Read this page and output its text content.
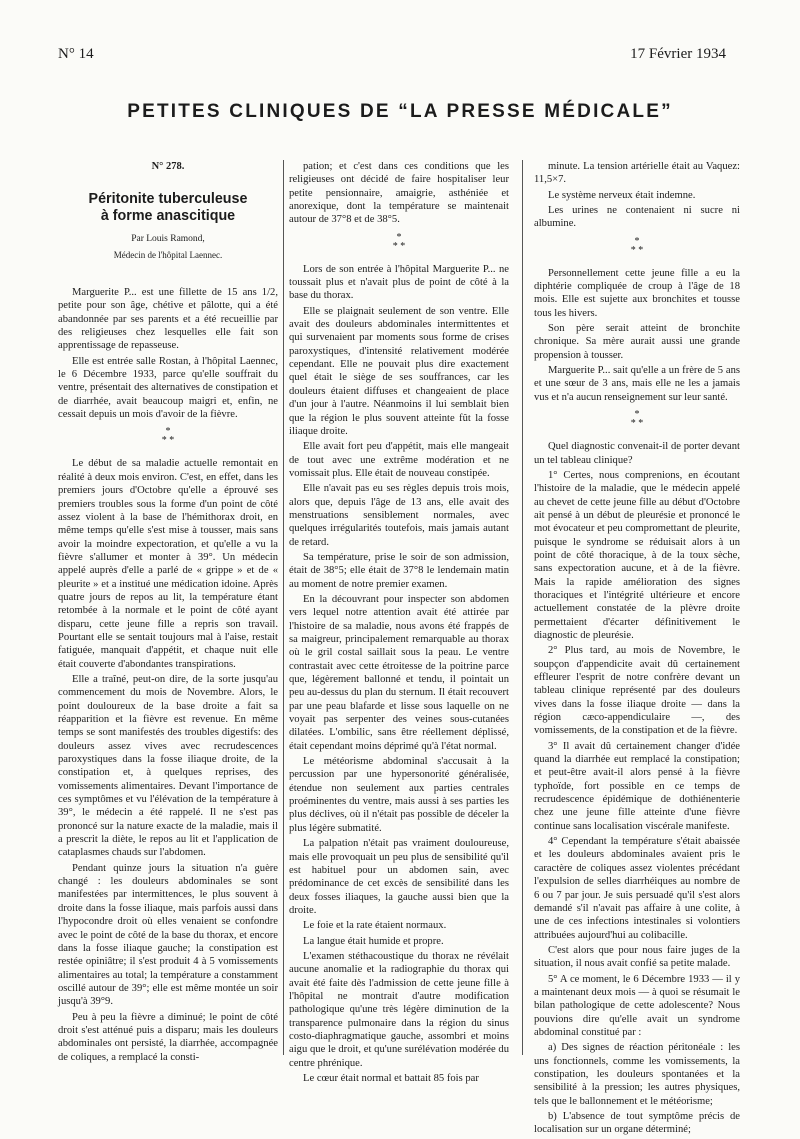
N° 14	17 Février 1934
PETITES CLINIQUES DE “LA PRESSE MÉDICALE”
N° 278.
Péritonite tuberculeuse
à forme anascitique
Par Louis Ramond,
Médecin de l'hôpital Laennec.

Marguerite P... est une fillette de 15 ans 1/2, petite pour son âge, chétive et pâlotte, qui a été abandonnée par ses parents et a été recueillie par des religieuses chez lesquelles elle fait son apprentissage de repasseuse.

Elle est entrée salle Rostan, à l'hôpital Laennec, le 6 Décembre 1933, parce qu'elle souffrait du ventre, présentait des alternatives de constipation et de diarrhée, avait beaucoup maigri et, enfin, ne cessait depuis un mois d'avoir de la fièvre.

*
* *

Le début de sa maladie actuelle remontait en réalité à deux mois environ. C'est, en effet, dans les premiers jours d'Octobre qu'elle a éprouvé ses premiers troubles sous la forme d'un point de côté assez violent à la base de l'hémithorax droit, en même temps qu'elle s'est mise à tousser, mais sans avoir la moindre expectoration, et qu'elle a vu la fièvre s'allumer et monter à 39°. Un médecin appelé auprès d'elle a parlé de « grippe » et de « pleurite » et a institué une médication idoine. Après quatre jours de repos au lit, la température étant retombée à la normale et le point de côté ayant disparu, cette jeune fille a repris son travail. Pourtant elle se sentait toujours mal à l'aise, restait fatiguée, manquait d'appétit, et chaque nuit elle était couverte d'abondantes transpirations.

Elle a traîné, peut-on dire, de la sorte jusqu'au commencement du mois de Novembre. Alors, le point douloureux de la base droite a fait sa réapparition et la fièvre est revenue. En même temps se sont manifestés des troubles digestifs: des douleurs assez vives avec recrudescences paroxystiques dans la fosse iliaque droite, de la constipation et, à quelques reprises, des vomissements alimentaires. Devant l'importance de ces symptômes et vu l'élévation de la température à 39°, le médecin a été rappelé. Il ne s'est pas prononcé sur la nature exacte de la maladie, mais il a prescrit la diète, le repos au lit et l'application de cataplasmes chauds sur l'abdomen.

Pendant quinze jours la situation n'a guère changé : les douleurs abdominales se sont manifestées par intermittences, le plus souvent à droite dans la fosse iliaque, mais parfois aussi dans l'hypocondre droit où elles venaient se confondre avec le point de côté de la base du thorax, et encore dans la fosse iliaque gauche; la constipation est restée opiniâtre; il s'est produit 4 à 5 vomissements alimentaires au total; la température a constamment oscillé autour de 39°; elle est même montée un soir jusqu'à 39°9.

Peu à peu la fièvre a diminué; le point de côté droit s'est atténué puis a disparu; mais les douleurs abdominales ont persisté, la diarrhée, accompagnée de coliques, a remplacé la consti-

pation; et c'est dans ces conditions que les religieuses ont décidé de faire hospitaliser leur petite pensionnaire, amaigrie, asthéniée et anorexique, dont la température se maintenait autour de 37°8 et de 38°5.

*
* *

Lors de son entrée à l'hôpital Marguerite P... ne toussait plus et n'avait plus de point de côté à la base du thorax.

Elle se plaignait seulement de son ventre. Elle avait des douleurs abdominales intermittentes et qui survenaient par moments sous forme de crises paroxystiques, d'intensité relativement modérée cependant. Elle ne pouvait plus dire exactement quel était le siège de ses souffrances, car les douleurs étaient diffuses et changeaient de place d'un jour à l'autre. Néanmoins il lui semblait bien que la région le plus souvent atteinte fût la fosse iliaque droite.

Elle avait fort peu d'appétit, mais elle mangeait de tout avec une extrême modération et ne vomissait plus. Elle était de nouveau constipée.

Elle n'avait pas eu ses règles depuis trois mois, alors que, depuis l'âge de 13 ans, elle avait des menstruations sensiblement normales, avec quelques irrégularités toutefois, mais jamais autant de retard.

Sa température, prise le soir de son admission, était de 38°5; elle était de 37°8 le lendemain matin au moment de notre premier examen.

En la découvrant pour inspecter son abdomen vers lequel notre attention avait été attirée par l'histoire de sa maladie, nous avons été frappés de sa maigreur, principalement remarquable au thorax où le gril costal saillait sous la peau. Le ventre contrastait avec cette étroitesse de la poitrine parce que, légèrement ballonné et tendu, il pointait un peu au-dessus du plan du sternum. Il était recouvert par une peau blafarde et lisse sous laquelle on ne voyait pas serpenter des veines sous-cutanées dilatées. L'ombilic, sans être réellement déplissé, était cependant moins déprimé qu'à l'état normal.

Le météorisme abdominal s'accusait à la percussion par une hypersonorité généralisée, étendue non seulement aux parties centrales proéminentes du ventre, mais aussi à ses parties les plus déclives, où il n'était pas possible de déceler la plus légère submatité.

La palpation n'était pas vraiment douloureuse, mais elle provoquait un peu plus de sensibilité qu'il est habituel pour un abdomen sain, avec prédominance de cet excès de sensibilité dans les deux fosses iliaques, la gauche aussi bien que la droite.

Le foie et la rate étaient normaux.

La langue était humide et propre.

L'examen stéthacoustique du thorax ne révélait aucune anomalie et la radiographie du thorax qui avait été faite dès l'admission de cette jeune fille à l'hôpital ne montrait d'autre modification pathologique qu'une très légère diminution de la transparence pulmonaire dans la région du sinus costo-diaphragmatique gauche, assombri et moins aigu que le droit, et qu'une surélévation modérée du centre phrénique.

Le cœur était normal et battait 85 fois par

minute. La tension artérielle était au Vaquez: 11,5×7.

Le système nerveux était indemne.

Les urines ne contenaient ni sucre ni albumine.

*
* *

Personnellement cette jeune fille a eu la diphtérie compliquée de croup à l'âge de 18 mois. Elle est sujette aux bronchites et tousse tous les hivers.

Son père serait atteint de bronchite chronique. Sa mère aurait aussi une grande propension à tousser.

Marguerite P... sait qu'elle a un frère de 5 ans et une sœur de 3 ans, mais elle ne les a jamais vus et n'a aucun renseignement sur leur santé.

*
* *

Quel diagnostic convenait-il de porter devant un tel tableau clinique?

1° Certes, nous comprenions, en écoutant l'histoire de la maladie, que le médecin appelé au chevet de cette jeune fille au début d'Octobre ait pensé à un début de pleurésie et prononcé le mot évocateur et peu compromettant de pleurite, puisque le syndrome se réduisait alors à un point de côté thoracique, à de la toux sèche, sans expectoration aucune, et à de la fièvre. Mais la rapide amélioration des signes thoraciques et l'intégrité ultérieure et encore actuellement constatée de la plèvre droite permettaient d'écarter définitivement le diagnostic de pleurésie.

2° Plus tard, au mois de Novembre, le soupçon d'appendicite avait dû certainement effleurer l'esprit de notre confrère devant un tableau clinique représenté par des douleurs vives dans la fosse iliaque droite — dans la région cæco-appendiculaire —, des vomissements, de la constipation et de la fièvre.

3° Il avait dû certainement changer d'idée quand la diarrhée eut remplacé la constipation; et peut-être avait-il alors pensé à la fièvre typhoïde, fort possible en ce temps de recrudescence épidémique de dothiénenterie chez une jeune fille atteinte d'une fièvre continue sans localisation viscérale manifeste.

4° Cependant la température s'était abaissée et les douleurs abdominales avaient pris le caractère de coliques assez violentes précédant l'expulsion de selles diarrhéiques au nombre de 6 ou 7 par jour. Je suis persuadé qu'il s'est alors demandé s'il n'avait pas affaire à une colite, à une de ces infections intestinales si volontiers attribuées aujourd'hui au colibacille.

C'est alors que pour nous faire juges de la situation, il nous avait confié sa petite malade.

5° A ce moment, le 6 Décembre 1933 — il y a maintenant deux mois — à quoi se résumait le bilan pathologique de cette adolescente? Nous pouvions dire qu'elle avait un syndrome abdominal constitué par :

a) Des signes de réaction péritonéale : les uns fonctionnels, comme les vomissements, la constipation, les douleurs spontanées et la sensibilité à la pression; les autres physiques, tels que le ballonnement et le météorisme;

b) L'absence de tout symptôme précis de localisation sur un organe déterminé;
